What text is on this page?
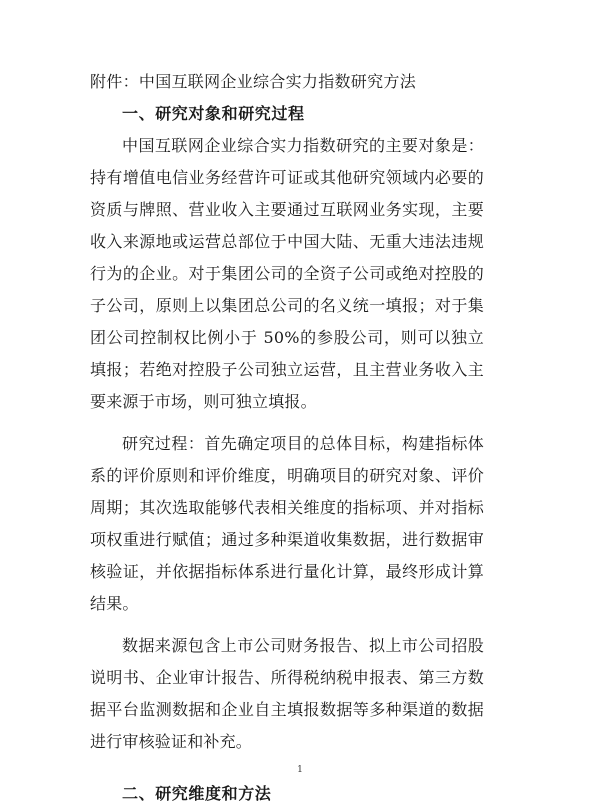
附件：中国互联网企业综合实力指数研究方法

一、研究对象和研究过程

中国互联网企业综合实力指数研究的主要对象是：持有增值电信业务经营许可证或其他研究领域内必要的资质与牌照、营业收入主要通过互联网业务实现，主要收入来源地或运营总部位于中国大陆、无重大违法违规行为的企业。对于集团公司的全资子公司或绝对控股的子公司，原则上以集团总公司的名义统一填报；对于集团公司控制权比例小于 50%的参股公司，则可以独立填报；若绝对控股子公司独立运营，且主营业务收入主要来源于市场，则可独立填报。

研究过程：首先确定项目的总体目标，构建指标体系的评价原则和评价维度，明确项目的研究对象、评价周期；其次选取能够代表相关维度的指标项、并对指标项权重进行赋值；通过多种渠道收集数据，进行数据审核验证，并依据指标体系进行量化计算，最终形成计算结果。

数据来源包含上市公司财务报告、拟上市公司招股说明书、企业审计报告、所得税纳税申报表、第三方数据平台监测数据和企业自主填报数据等多种渠道的数据进行审核验证和补充。

二、研究维度和方法
1
